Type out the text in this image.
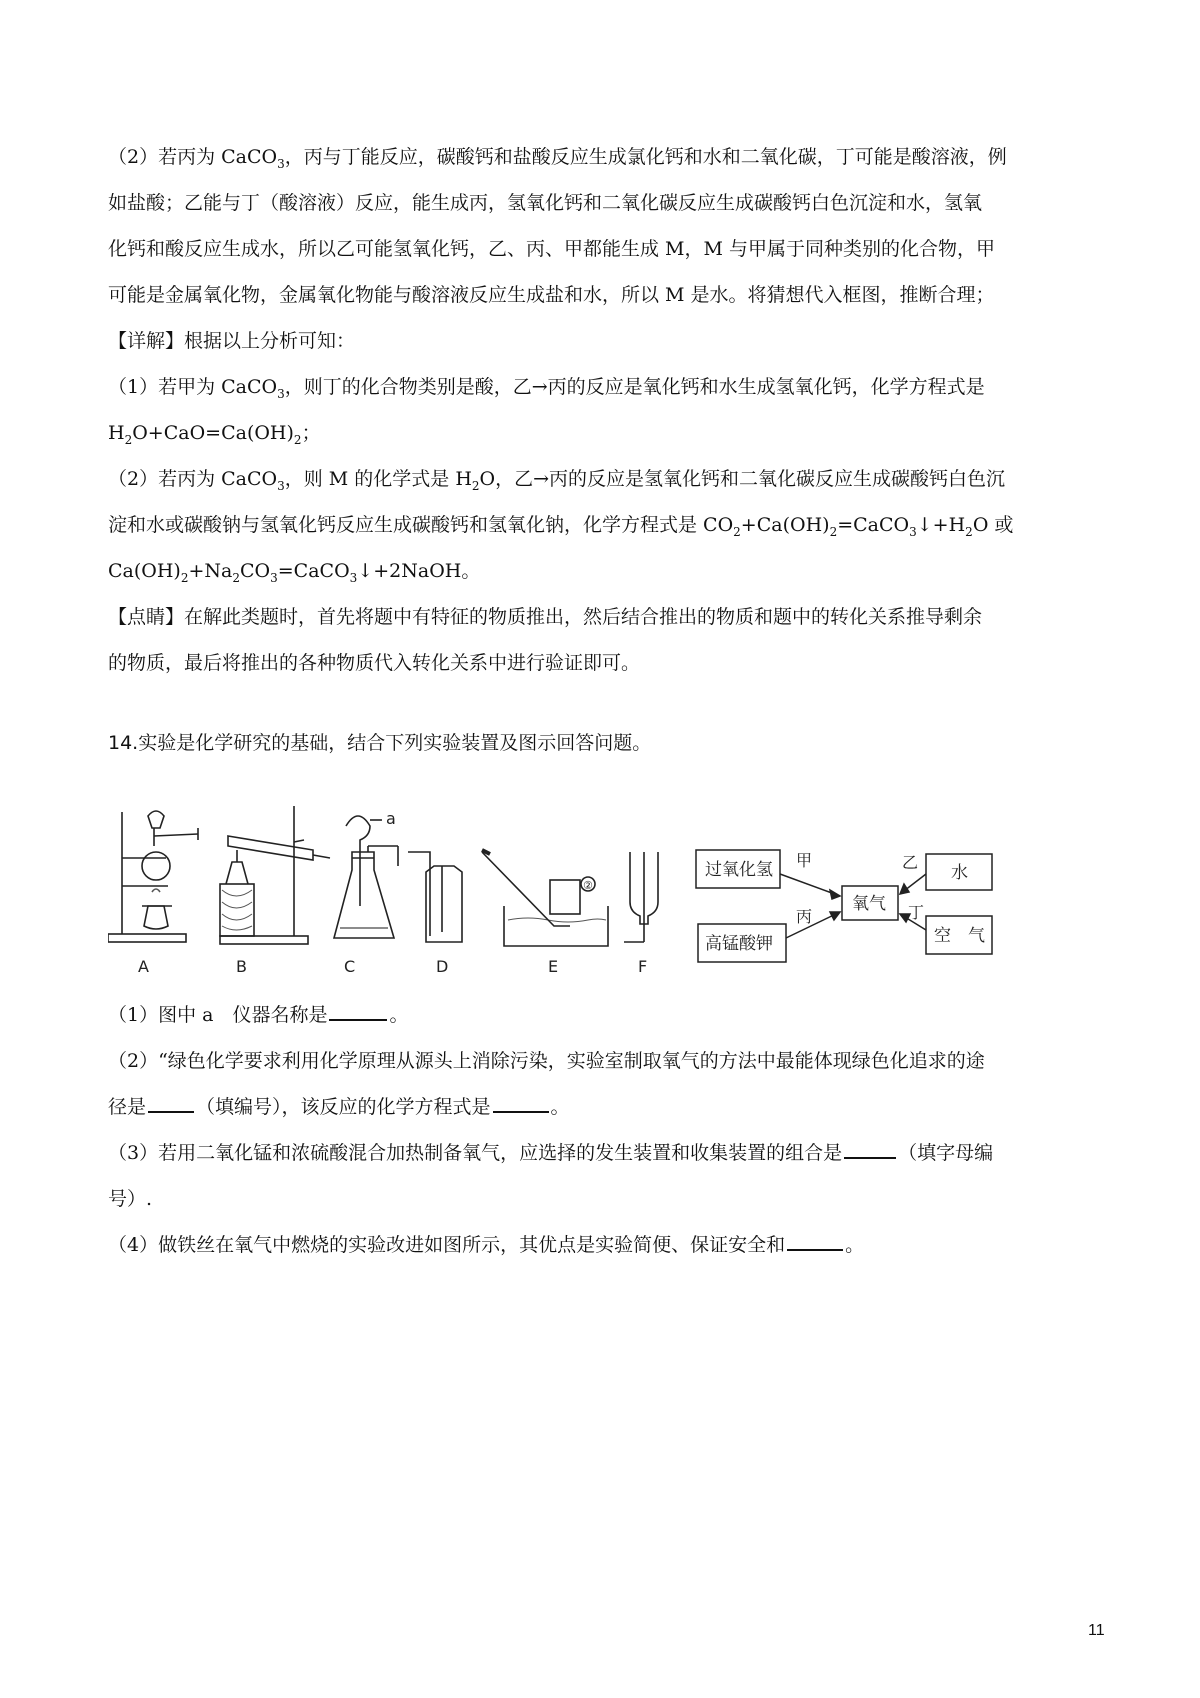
（2）若丙为 CaCO$_3$，丙与丁能反应，碳酸钙和盐酸反应生成氯化钙和水和二氧化碳，丁可能是酸溶液，例
如盐酸；乙能与丁（酸溶液）反应，能生成丙，氢氧化钙和二氧化碳反应生成碳酸钙白色沉淀和水，氢氧
化钙和酸反应生成水，所以乙可能氢氧化钙，乙、丙、甲都能生成 M，M 与甲属于同种类别的化合物，甲
可能是金属氧化物，金属氧化物能与酸溶液反应生成盐和水，所以 M 是水。将猜想代入框图，推断合理；
【详解】根据以上分析可知：
（1）若甲为 CaCO$_3$，则丁的化合物类别是酸，乙→丙的反应是氧化钙和水生成氢氧化钙，化学方程式是
$H_2O+CaO=Ca(OH)_2$；
（2）若丙为 CaCO$_3$，则 M 的化学式是 $H_2O$，乙→丙的反应是氢氧化钙和二氧化碳反应生成碳酸钙白色沉
淀和水或碳酸钠与氢氧化钙反应生成碳酸钙和氢氧化钠，化学方程式是 $CO_2+Ca(OH)_2=CaCO_3↓+H_2O$ 或
$Ca(OH)_2+Na_2CO_3=CaCO_3↓+2NaOH$。
【点睛】在解此类题时，首先将题中有特征的物质推出，然后结合推出的物质和题中的转化关系推导剩余
的物质，最后将推出的各种物质代入转化关系中进行验证即可。
14.实验是化学研究的基础，结合下列实验装置及图示回答问题。
A	B
a
C	D
②
E	F
过氧化氢	水
氧气
高锰酸钾	空　气
甲	乙
丙	丁
（1）图中 a　仪器名称是	。
（2）“绿色化学要求利用化学原理从源头上消除污染，实验室制取氧气的方法中最能体现绿色化追求的途
径是	（填编号），该反应的化学方程式是	。
（3）若用二氧化锰和浓硫酸混合加热制备氧气，应选择的发生装置和收集装置的组合是	（填字母编
号）.
（4）做铁丝在氧气中燃烧的实验改进如图所示，其优点是实验简便、保证安全和	。
11
